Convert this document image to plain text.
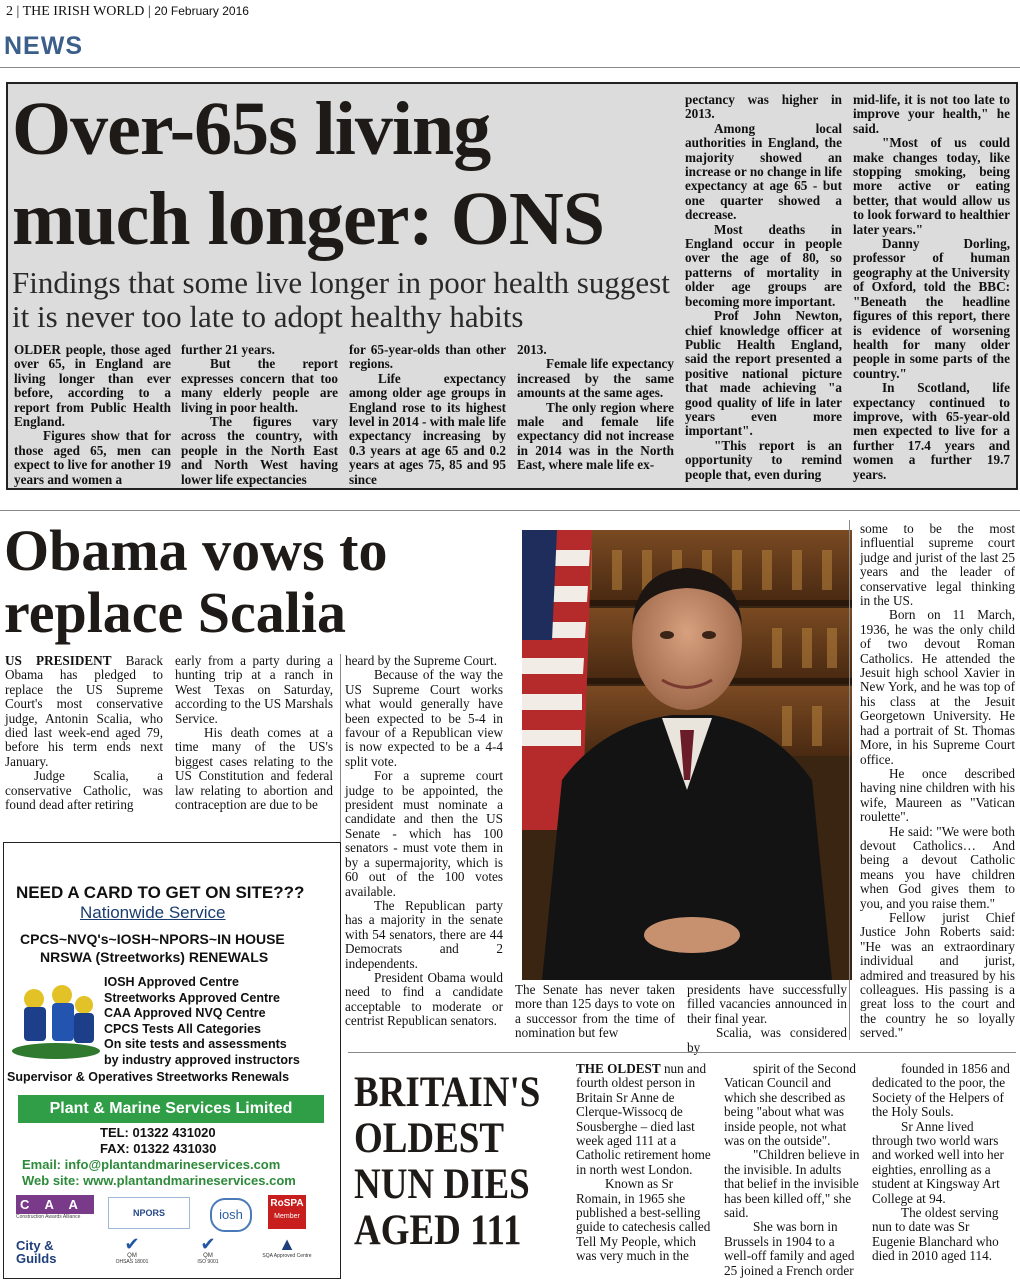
2 | THE IRISH WORLD | 20 February 2016
NEWS
Over-65s living much longer: ONS
Findings that some live longer in poor health suggest it is never too late to adopt healthy habits

OLDER people, those aged over 65, in England are living longer than ever before, according to a report from Public Health England.

Figures show that for those aged 65, men can expect to live for another 19 years and women a

further 21 years.

But the report expresses concern that too many elderly people are living in poor health.

The figures vary across the country, with people in the North East and North West having lower life expectancies

for 65-year-olds than other regions.

Life expectancy among older age groups in England rose to its highest level in 2014 - with male life expectancy increasing by 0.3 years at age 65 and 0.2 years at ages 75, 85 and 95 since

2013.

Female life expectancy increased by the same amounts at the same ages.

The only region where male and female life expectancy did not increase in 2014 was in the North East, where male life ex-

pectancy was higher in 2013.

Among local authorities in England, the majority showed an increase or no change in life expectancy at age 65 - but one quarter showed a decrease.

Most deaths in England occur in people over the age of 80, so patterns of mortality in older age groups are becoming more important.

Prof John Newton, chief knowledge officer at Public Health England, said the report presented a positive national picture that made achieving "a good quality of life in later years even more important".

"This report is an opportunity to remind people that, even during

mid-life, it is not too late to improve your health," he said.

"Most of us could make changes today, like stopping smoking, being more active or eating better, that would allow us to look forward to healthier later years."

Danny Dorling, professor of human geography at the University of Oxford, told the BBC: "Beneath the headline figures of this report, there is evidence of worsening health for many older people in some parts of the country."

In Scotland, life expectancy continued to improve, with 65-year-old men expected to live for a further 17.4 years and women a further 19.7 years.

Obama vows to replace Scalia

US PRESIDENT Barack Obama has pledged to replace the US Supreme Court's most conservative judge, Antonin Scalia, who died last week-end aged 79, before his term ends next January.

Judge Scalia, a conservative Catholic, was found dead after retiring

early from a party during a hunting trip at a ranch in West Texas on Saturday, according to the US Marshals Service.

His death comes at a time many of the US's biggest cases relating to the US Constitution and federal law relating to abortion and contraception are due to be

heard by the Supreme Court.

Because of the way the US Supreme Court works what would generally have been expected to be 5-4 in favour of a Republican view is now expected to be a 4-4 split vote.

For a supreme court judge to be appointed, the president must nominate a candidate and then the US Senate - which has 100 senators - must vote them in by a supermajority, which is 60 out of the 100 votes available.

The Republican party has a majority in the senate with 54 senators, there are 44 Democrats and 2 independents.

President Obama would need to find a candidate acceptable to moderate or centrist Republican senators.

The Senate has never taken more than 125 days to vote on a successor from the time of nomination but few

presidents have successfully filled vacancies announced in their final year.

Scalia, was considered by

some to be the most influential supreme court judge and jurist of the last 25 years and the leader of conservative legal thinking in the US.

Born on 11 March, 1936, he was the only child of two devout Roman Catholics. He attended the Jesuit high school Xavier in New York, and he was top of his class at the Jesuit Georgetown University. He had a portrait of St. Thomas More, in his Supreme Court office.

He once described having nine children with his wife, Maureen as "Vatican roulette".

He said: "We were both devout Catholics… And being a devout Catholic means you have children when God gives them to you, and you raise them."

Fellow jurist Chief Justice John Roberts said: "He was an extraordinary individual and jurist, admired and treasured by his colleagues. His passing is a great loss to the court and the country he so loyally served."

NEED A CARD TO GET ON SITE???
Nationwide Service
CPCS~NVQ's~IOSH~NPORS~IN HOUSE
NRSWA (Streetworks) RENEWALS
IOSH Approved Centre
Streetworks Approved Centre
CAA Approved NVQ Centre
CPCS Tests All Categories
On site tests and assessments
by industry approved instructors
Supervisor & Operatives Streetworks Renewals
Plant & Marine Services Limited
TEL: 01322 431020
FAX: 01322 431030
Email: info@plantandmarineservices.com
Web site: www.plantandmarineservices.com
C A A
Construction Awards Alliance	NPORS	iosh
RoSPA
Member
City &
Guilds
✔
QM
OHSAS 18001
✔
QM
ISO 9001
▲
SQA Approved Centre
BRITAIN'S OLDEST NUN DIES AGED 111

THE OLDEST nun and fourth oldest person in Britain Sr Anne de Clerque-Wissocq de Sousberghe – died last week aged 111 at a Catholic retirement home in north west London.

Known as Sr Romain, in 1965 she published a best-selling guide to catechesis called Tell My People, which was very much in the

spirit of the Second Vatican Council and which she described as being "about what was inside people, not what was on the outside".

"Children believe in the invisible. In adults that belief in the invisible has been killed off," she said.

She was born in Brussels in 1904 to a well-off family and aged 25 joined a French order

founded in 1856 and dedicated to the poor, the Society of the Helpers of the Holy Souls.

Sr Anne lived through two world wars and worked well into her eighties, enrolling as a student at Kingsway Art College at 94.

The oldest serving nun to date was Sr Eugenie Blanchard who died in 2010 aged 114.
